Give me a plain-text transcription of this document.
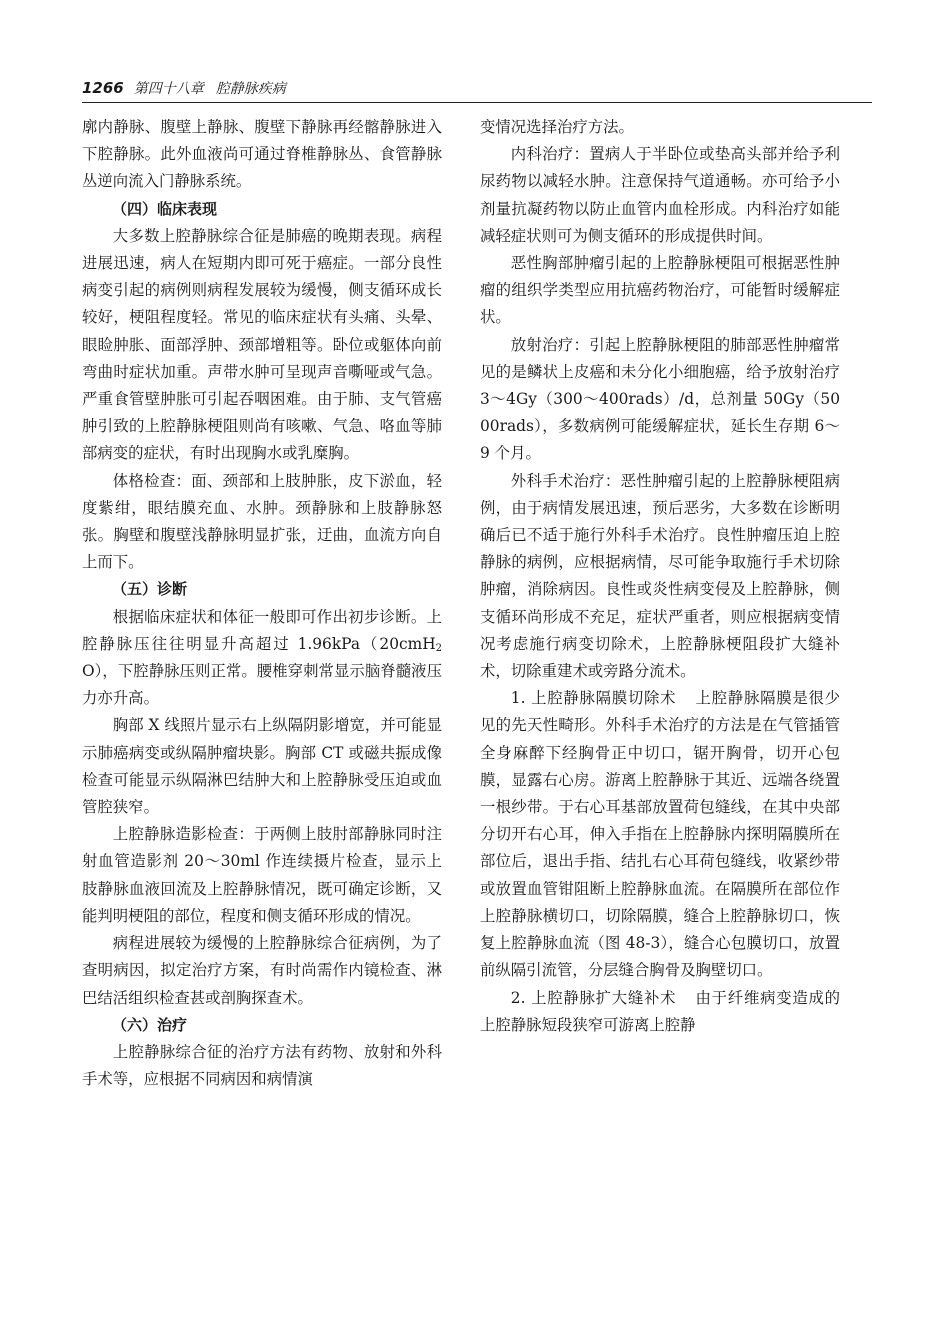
1266 第四十八章 腔静脉疾病

廓内静脉、腹壁上静脉、腹壁下静脉再经髂静脉进入下腔静脉。此外血液尚可通过脊椎静脉丛、食管静脉丛逆向流入门静脉系统。

（四）临床表现

大多数上腔静脉综合征是肺癌的晚期表现。病程进展迅速，病人在短期内即可死于癌症。一部分良性病变引起的病例则病程发展较为缓慢，侧支循环成长较好，梗阻程度轻。常见的临床症状有头痛、头晕、眼睑肿胀、面部浮肿、颈部增粗等。卧位或躯体向前弯曲时症状加重。声带水肿可呈现声音嘶哑或气急。严重食管壁肿胀可引起吞咽困难。由于肺、支气管癌肿引致的上腔静脉梗阻则尚有咳嗽、气急、咯血等肺部病变的症状，有时出现胸水或乳糜胸。

体格检查：面、颈部和上肢肿胀，皮下淤血，轻度紫绀，眼结膜充血、水肿。颈静脉和上肢静脉怒张。胸壁和腹壁浅静脉明显扩张，迂曲，血流方向自上而下。

（五）诊断

根据临床症状和体征一般即可作出初步诊断。上腔静脉压往往明显升高超过 1.96kPa（20cmH$_2$O），下腔静脉压则正常。腰椎穿刺常显示脑脊髓液压力亦升高。

胸部 X 线照片显示右上纵隔阴影增宽，并可能显示肺癌病变或纵隔肿瘤块影。胸部 CT 或磁共振成像检查可能显示纵隔淋巴结肿大和上腔静脉受压迫或血管腔狭窄。

上腔静脉造影检查：于两侧上肢肘部静脉同时注射血管造影剂 20～30ml 作连续摄片检查，显示上肢静脉血液回流及上腔静脉情况，既可确定诊断，又能判明梗阻的部位，程度和侧支循环形成的情况。

病程进展较为缓慢的上腔静脉综合征病例，为了查明病因，拟定治疗方案，有时尚需作内镜检查、淋巴结活组织检查甚或剖胸探查术。

（六）治疗

上腔静脉综合征的治疗方法有药物、放射和外科手术等，应根据不同病因和病情演

变情况选择治疗方法。

内科治疗：置病人于半卧位或垫高头部并给予利尿药物以减轻水肿。注意保持气道通畅。亦可给予小剂量抗凝药物以防止血管内血栓形成。内科治疗如能减轻症状则可为侧支循环的形成提供时间。

恶性胸部肿瘤引起的上腔静脉梗阻可根据恶性肿瘤的组织学类型应用抗癌药物治疗，可能暂时缓解症状。

放射治疗：引起上腔静脉梗阻的肺部恶性肿瘤常见的是鳞状上皮癌和未分化小细胞癌，给予放射治疗 3～4Gy（300～400rads）/d，总剂量 50Gy（5000rads），多数病例可能缓解症状，延长生存期 6～9 个月。

外科手术治疗：恶性肿瘤引起的上腔静脉梗阻病例，由于病情发展迅速，预后恶劣，大多数在诊断明确后已不适于施行外科手术治疗。良性肿瘤压迫上腔静脉的病例，应根据病情，尽可能争取施行手术切除肿瘤，消除病因。良性或炎性病变侵及上腔静脉，侧支循环尚形成不充足，症状严重者，则应根据病变情况考虑施行病变切除术，上腔静脉梗阻段扩大缝补术，切除重建术或旁路分流术。

1. 上腔静脉隔膜切除术 上腔静脉隔膜是很少见的先天性畸形。外科手术治疗的方法是在气管插管全身麻醉下经胸骨正中切口，锯开胸骨，切开心包膜，显露右心房。游离上腔静脉于其近、远端各绕置一根纱带。于右心耳基部放置荷包缝线，在其中央部分切开右心耳，伸入手指在上腔静脉内探明隔膜所在部位后，退出手指、结扎右心耳荷包缝线，收紧纱带或放置血管钳阻断上腔静脉血流。在隔膜所在部位作上腔静脉横切口，切除隔膜，缝合上腔静脉切口，恢复上腔静脉血流（图 48-3），缝合心包膜切口，放置前纵隔引流管，分层缝合胸骨及胸壁切口。

2. 上腔静脉扩大缝补术 由于纤维病变造成的上腔静脉短段狭窄可游离上腔静
